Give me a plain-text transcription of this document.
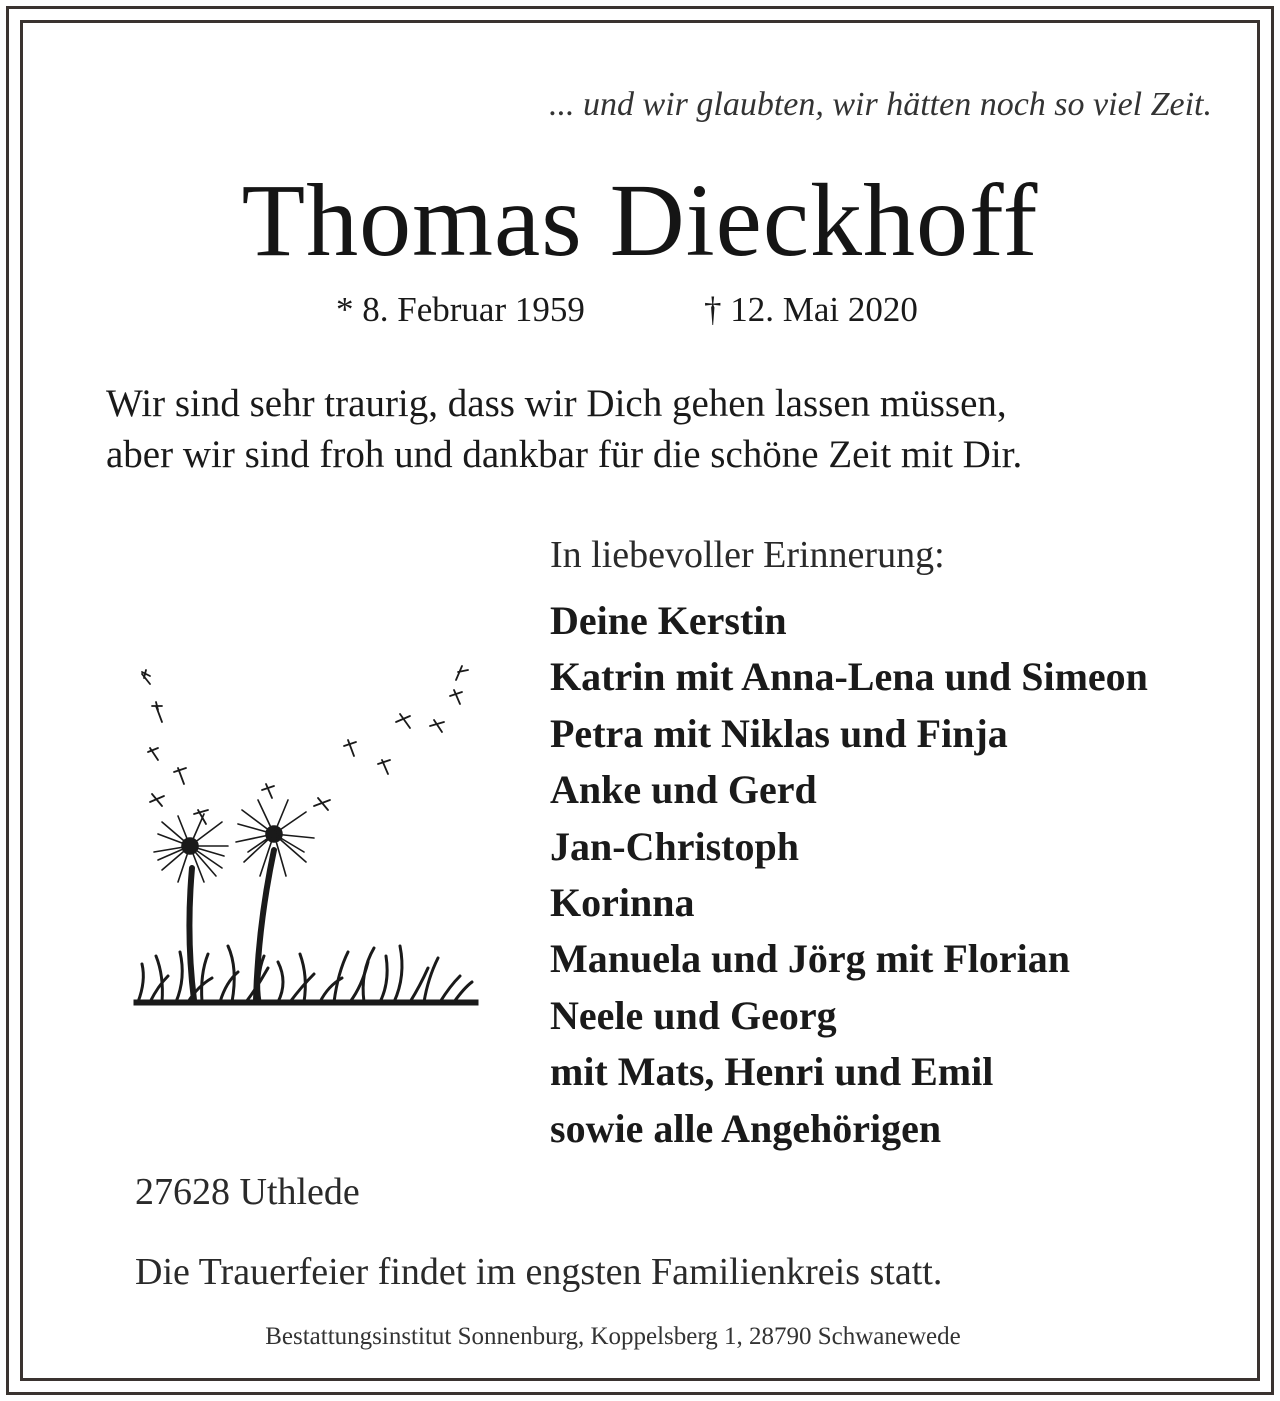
... und wir glaubten, wir hätten noch so viel Zeit.
Thomas Dieckhoff
* 8. Februar 1959	† 12. Mai 2020
Wir sind sehr traurig, dass wir Dich gehen lassen müssen,
aber wir sind froh und dankbar für die schöne Zeit mit Dir.
In liebevoller Erinnerung:
Deine Kerstin
Katrin mit Anna-Lena und Simeon
Petra mit Niklas und Finja
Anke und Gerd
Jan-Christoph
Korinna
Manuela und Jörg mit Florian
Neele und Georg
mit Mats, Henri und Emil
sowie alle Angehörigen
27628 Uthlede
Die Trauerfeier findet im engsten Familienkreis statt.
Bestattungsinstitut Sonnenburg, Koppelsberg 1, 28790 Schwanewede
